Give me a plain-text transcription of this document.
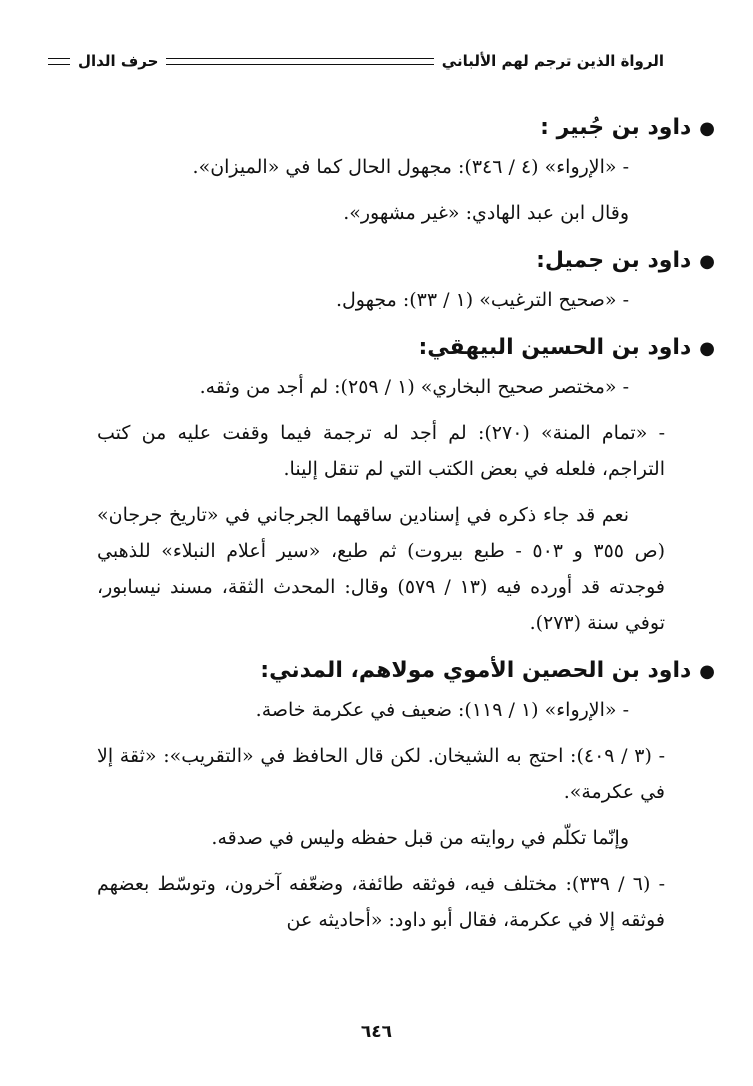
الرواة الذين ترجم لهم الألباني
حرف الدال

●داود بن جُبير :

- «الإرواء» (٤ / ٣٤٦): مجهول الحال كما في «الميزان».

وقال ابن عبد الهادي: «غير مشهور».

●داود بن جميل:

- «صحيح الترغيب» (١ / ٣٣): مجهول.

●داود بن الحسين البيهقي:

- «مختصر صحيح البخاري» (١ / ٢٥٩): لم أجد من وثقه.

- «تمام المنة» (٢٧٠): لم أجد له ترجمة فيما وقفت عليه من كتب التراجم، فلعله في بعض الكتب التي لم تنقل إلينا.

نعم قد جاء ذكره في إسنادين ساقهما الجرجاني في «تاريخ جرجان» (ص ٣٥٥ و ٥٠٣ - طبع بيروت) ثم طبع، «سير أعلام النبلاء» للذهبي فوجدته قد أورده فيه (١٣ / ٥٧٩) وقال: المحدث الثقة، مسند نيسابور، توفي سنة (٢٧٣).

●داود بن الحصين الأموي مولاهم، المدني:

- «الإرواء» (١ / ١١٩): ضعيف في عكرمة خاصة.

- (٣ / ٤٠٩): احتج به الشيخان. لكن قال الحافظ في «التقريب»: «ثقة إلا في عكرمة».

وإنّما تكلّم في روايته من قبل حفظه وليس في صدقه.

- (٦ / ٣٣٩): مختلف فيه، فوثقه طائفة، وضعّفه آخرون، وتوسّط بعضهم فوثقه إلا في عكرمة، فقال أبو داود: «أحاديثه عن

٦٤٦
